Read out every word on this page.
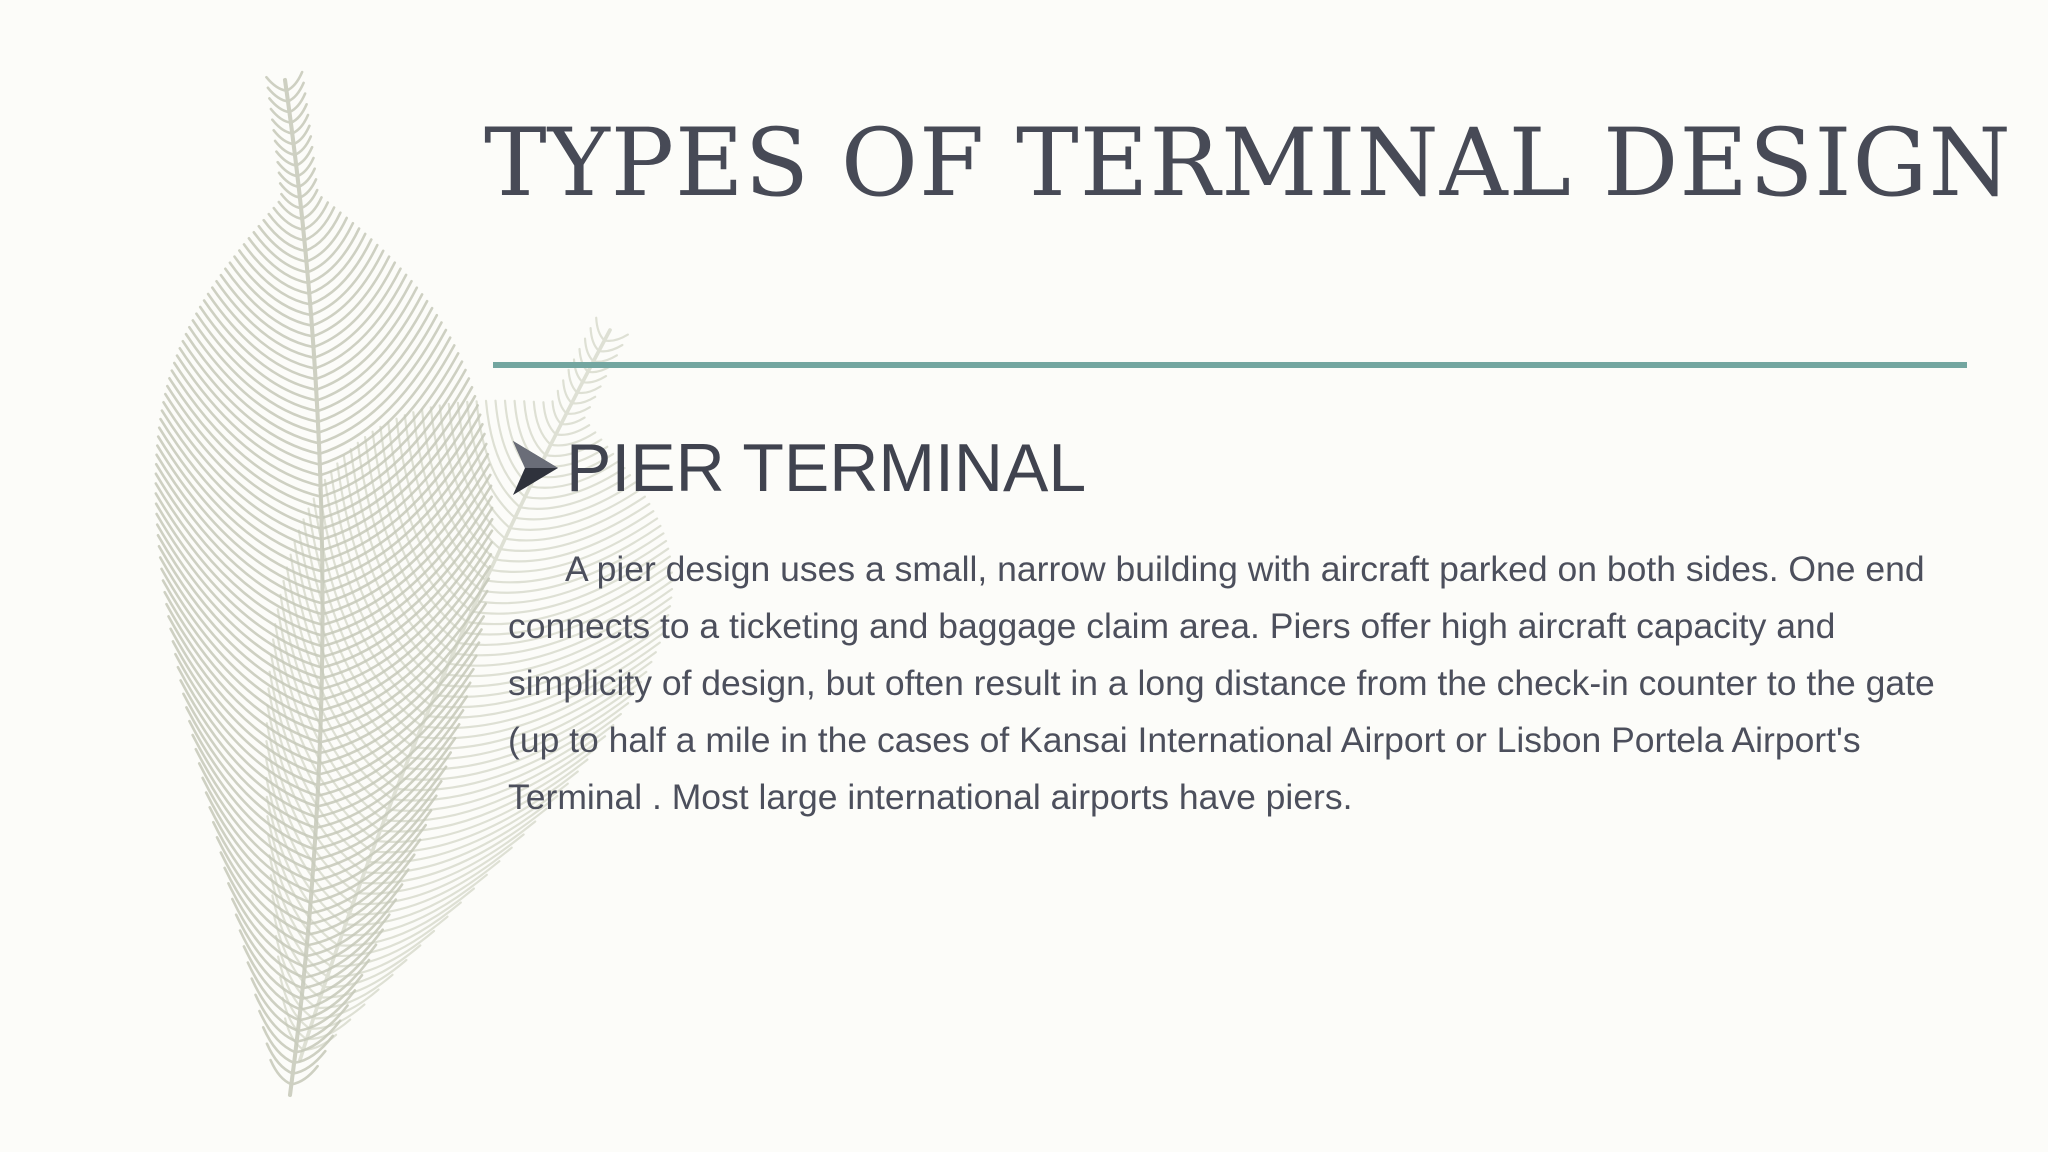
TYPES OF TERMINAL DESIGN
PIER TERMINAL

A pier design uses a small, narrow building with aircraft parked on both sides. One end connects to a ticketing and baggage claim area. Piers offer high aircraft capacity and simplicity of design, but often result in a long distance from the check-in counter to the gate (up to half a mile in the cases of Kansai International Airport or Lisbon Portela Airport's Terminal . Most large international airports have piers.
